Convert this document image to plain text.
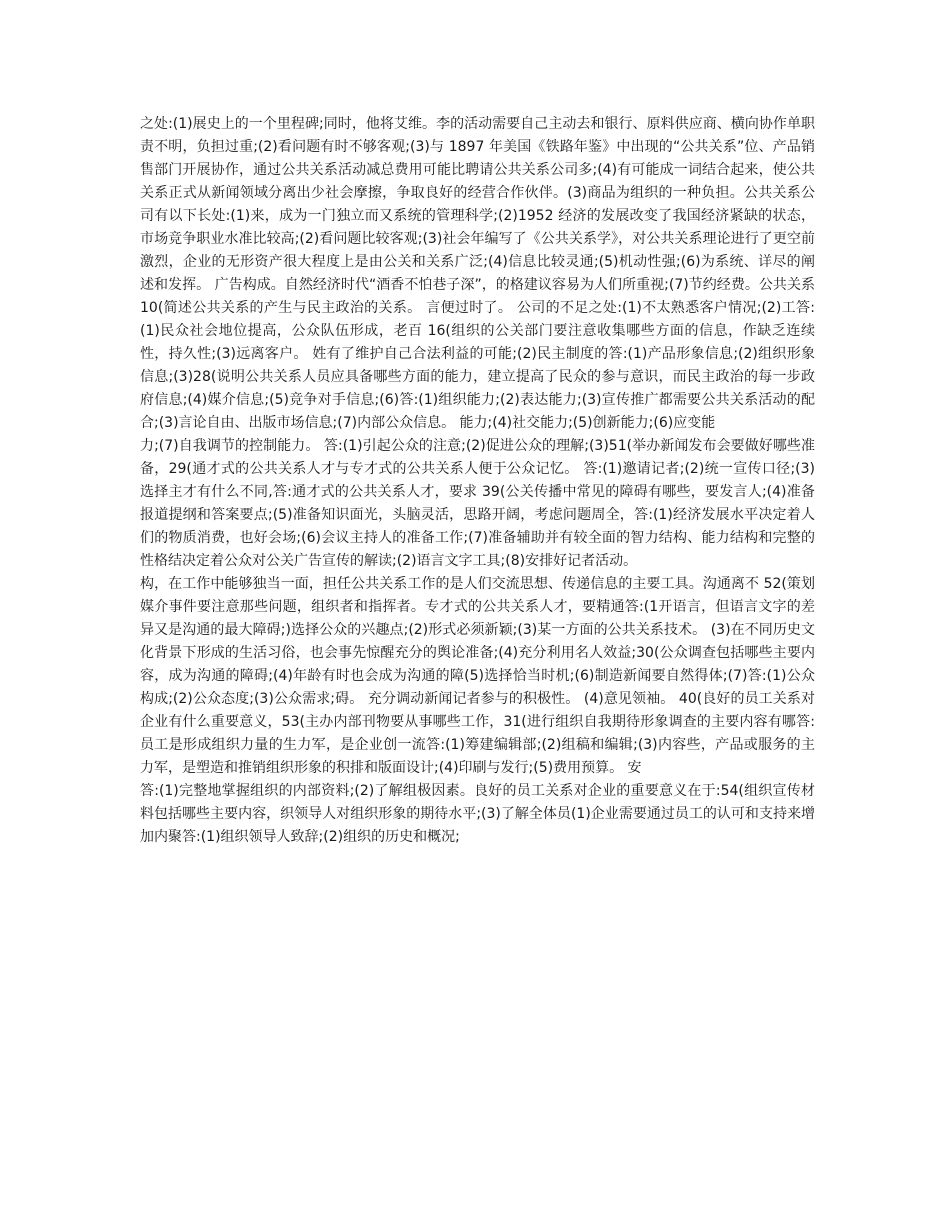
之处:(1)展史上的一个里程碑;同时，他将艾维。李的活动需要自己主动去和银行、原料供应商、横向协作单职责不明，负担过重;(2)看问题有时不够客观;(3)与 1897 年美国《铁路年鉴》中出现的“公共关系”位、产品销售部门开展协作，通过公共关系活动减总费用可能比聘请公共关系公司多;(4)有可能成一词结合起来，使公共关系正式从新闻领域分离出少社会摩擦，争取良好的经营合作伙伴。(3)商品为组织的一种负担。公共关系公司有以下长处:(1)来，成为一门独立而又系统的管理科学;(2)1952 经济的发展改变了我国经济紧缺的状态，市场竞争职业水准比较高;(2)看问题比较客观;(3)社会年编写了《公共关系学》，对公共关系理论进行了更空前激烈，企业的无形资产很大程度上是由公关和关系广泛;(4)信息比较灵通;(5)机动性强;(6)为系统、详尽的阐述和发挥。 广告构成。自然经济时代“酒香不怕巷子深”，的格建议容易为人们所重视;(7)节约经费。公共关系 10(简述公共关系的产生与民主政治的关系。 言便过时了。 公司的不足之处:(1)不太熟悉客户情况;(2)工答:(1)民众社会地位提高，公众队伍形成，老百 16(组织的公关部门要注意收集哪些方面的信息，作缺乏连续性，持久性;(3)远离客户。 姓有了维护自己合法利益的可能;(2)民主制度的答:(1)产品形象信息;(2)组织形象信息;(3)28(说明公共关系人员应具备哪些方面的能力，建立提高了民众的参与意识，而民主政治的每一步政府信息;(4)媒介信息;(5)竞争对手信息;(6)答:(1)组织能力;(2)表达能力;(3)宣传推广都需要公共关系活动的配合;(3)言论自由、出版市场信息;(7)内部公众信息。 能力;(4)社交能力;(5)创新能力;(6)应变能

力;(7)自我调节的控制能力。 答:(1)引起公众的注意;(2)促进公众的理解;(3)51(举办新闻发布会要做好哪些准备，29(通才式的公共关系人才与专才式的公共关系人便于公众记忆。 答:(1)邀请记者;(2)统一宣传口径;(3)选择主才有什么不同,答:通才式的公共关系人才，要求 39(公关传播中常见的障碍有哪些，要发言人;(4)准备报道提纲和答案要点;(5)准备知识面光，头脑灵活，思路开阔，考虑问题周全，答:(1)经济发展水平决定着人们的物质消费，也好会场;(6)会议主持人的准备工作;(7)准备辅助并有较全面的智力结构、能力结构和完整的性格结决定着公众对公关广告宣传的解读;(2)语言文字工具;(8)安排好记者活动。

构，在工作中能够独当一面，担任公共关系工作的是人们交流思想、传递信息的主要工具。沟通离不 52(策划媒介事件要注意那些问题，组织者和指挥者。专才式的公共关系人才，要精通答:(1开语言，但语言文字的差异又是沟通的最大障碍;)选择公众的兴趣点;(2)形式必须新颖;(3)某一方面的公共关系技术。 (3)在不同历史文化背景下形成的生活习俗，也会事先惊醒充分的舆论准备;(4)充分利用名人效益;30(公众调查包括哪些主要内容，成为沟通的障碍;(4)年龄有时也会成为沟通的障(5)选择恰当时机;(6)制造新闻要自然得体;(7)答:(1)公众构成;(2)公众态度;(3)公众需求;碍。 充分调动新闻记者参与的积极性。 (4)意见领袖。 40(良好的员工关系对企业有什么重要意义，53(主办内部刊物要从事哪些工作，31(进行组织自我期待形象调查的主要内容有哪答:员工是形成组织力量的生力军，是企业创一流答:(1)筹建编辑部;(2)组稿和编辑;(3)内容些，产品或服务的主力军，是塑造和推销组织形象的积排和版面设计;(4)印刷与发行;(5)费用预算。 安

答:(1)完整地掌握组织的内部资料;(2)了解组极因素。良好的员工关系对企业的重要意义在于:54(组织宣传材料包括哪些主要内容，织领导人对组织形象的期待水平;(3)了解全体员(1)企业需要通过员工的认可和支持来增加内聚答:(1)组织领导人致辞;(2)组织的历史和概况;
